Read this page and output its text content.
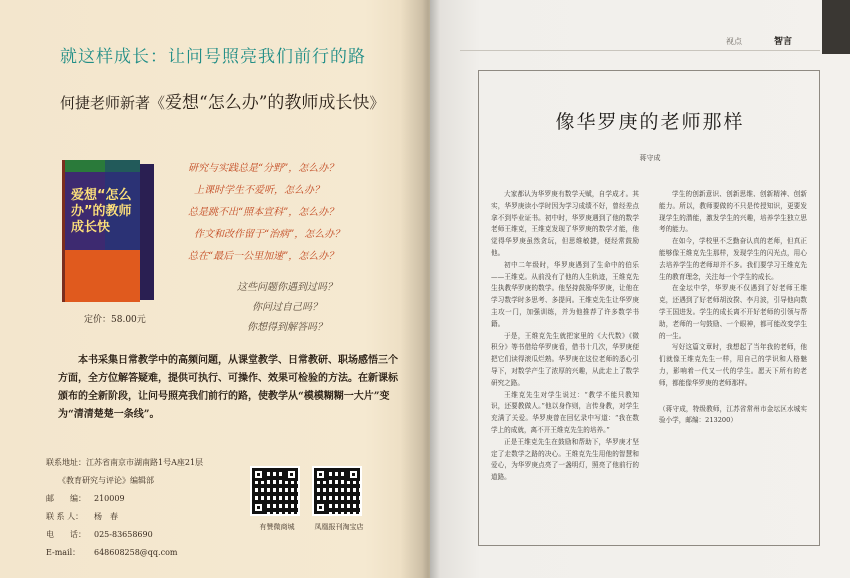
就这样成长：让问号照亮我们前行的路
何捷老师新著《爱想“怎么办”的教师成长快》
爱想“怎么办”的教师成长快
定价：58.00元
研究与实践总是“分野”，怎么办？
上课时学生不爱听，怎么办？
总是跳不出“照本宣科”，怎么办？
作文和改作留于“治病”，怎么办？
总在“最后一公里加速”，怎么办？
这些问题你遇到过吗？
你问过自己吗？
你想得到解答吗？
本书采集日常教学中的高频问题，从课堂教学、日常教研、职场感悟三个方面，全方位解答疑难，提供可执行、可操作、效果可检验的方法。在新课标颁布的全新阶段，让问号照亮我们前行的路，使教学从“模模糊糊一大片”变为“清清楚楚一条线”。
联系地址：江苏省南京市湖南路1号A座21层
《教育研究与评论》编辑部
邮　　编： 210009
联 系 人： 杨　春
电　　话： 025-83658690
E-mail： 648608258@qq.com
有赞微商城	凤凰报刊淘宝店
视点	智言
像华罗庚的老师那样
蒋守成

大家都认为华罗庚有数学天赋，自学成才。其实，华罗庚读小学时因为学习成绩不好，曾经差点拿不到毕业证书。初中时，华罗庚遇到了他的数学老师王维克，王维克发现了华罗庚的数学才能，他觉得华罗庚虽然贪玩，但思维敏捷，便经常鼓励他。

初中二年级时，华罗庚遇到了生命中的伯乐——王维克。从前没有了他的人生轨迹，王维克先生执教华罗庚的数学。他坚持鼓励华罗庚，让他在学习数学时多思考、多提问。王维克先生让华罗庚主攻一门，加强训练，并为他推荐了许多数学书籍。

于是，王维克先生就把家里的《大代数》《微积分》等书借给华罗庚看，借书十几次，华罗庚便把它们读得滚瓜烂熟。华罗庚在这位老师的悉心引导下，对数学产生了浓厚的兴趣，从此走上了数学研究之路。

王维克先生对学生说过：“教学不能只教知识，还要教做人。”他以身作则，言传身教，对学生充满了关爱。华罗庚曾在回忆录中写道：“我在数学上的成就，离不开王维克先生的培养。”

正是王维克先生在鼓励和帮助下，华罗庚才坚定了走数学之路的决心。王维克先生用他的智慧和爱心，为华罗庚点亮了一盏明灯，照亮了他前行的道路。

学生的创新意识、创新思维、创新精神、创新能力。所以，教师要做的不只是传授知识，更要发现学生的潜能，激发学生的兴趣，培养学生独立思考的能力。

在如今，学校里不乏勤奋认真的老师，但真正能够像王维克先生那样，发现学生的闪光点，用心去培养学生的老师却并不多。我们要学习王维克先生的教育理念，关注每一个学生的成长。

在金坛中学，华罗庚不仅遇到了好老师王维克，还遇到了好老师胡汝揆、李月波，引导他向数学王国进发。学生的成长离不开好老师的引领与帮助，老师的一句鼓励、一个眼神，都可能改变学生的一生。

写好这篇文章时，我想起了当年我的老师，他们就像王维克先生一样，用自己的学识和人格魅力，影响着一代又一代的学生。愿天下所有的老师，都能像华罗庚的老师那样。

（蒋守成，特级教师，江苏省常州市金坛区水城实验小学，邮编：213200）
